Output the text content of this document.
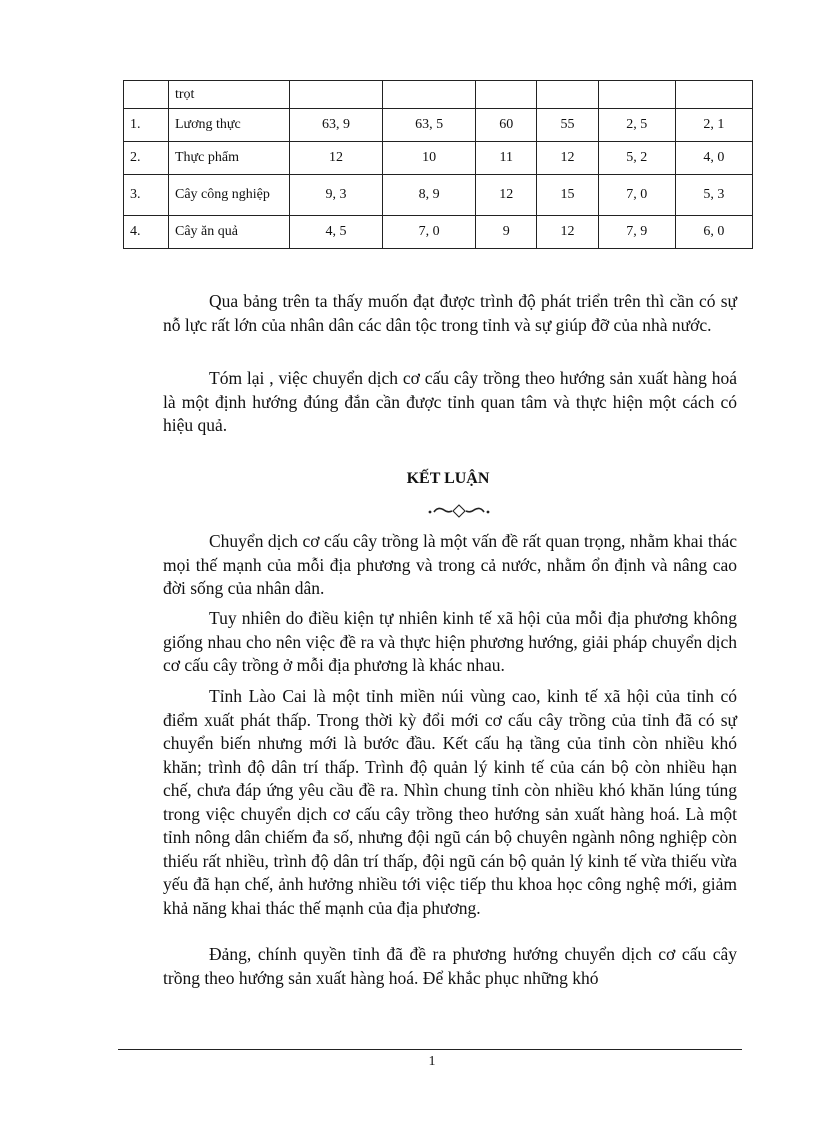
	trọt						
1.	Lương thực	63, 9	63, 5	60	55	2, 5	2, 1
2.	Thực phẩm	12	10	11	12	5, 2	4, 0
3.	Cây công nghiệp	9, 3	8, 9	12	15	7, 0	5, 3
4.	Cây ăn quả	4, 5	7, 0	9	12	7, 9	6, 0

Qua bảng trên ta thấy muốn đạt được trình độ phát triển trên thì cần có sự nỗ lực rất lớn của nhân dân các dân tộc trong tỉnh và sự giúp đỡ của nhà nước.

Tóm lại , việc chuyển dịch cơ cấu cây trồng theo hướng sản xuất hàng hoá là một định hướng đúng đắn cần được tỉnh quan tâm và thực hiện một cách có hiệu quả.

KẾT LUẬN

Chuyển dịch cơ cấu cây trồng là một vấn đề rất quan trọng, nhằm khai thác mọi thế mạnh của mỗi địa phương và trong cả nước, nhằm ổn định và nâng cao đời sống của nhân dân.

Tuy nhiên do điều kiện tự nhiên kinh tế xã hội của mỗi địa phương không giống nhau cho nên việc đề ra và thực hiện phương hướng, giải pháp chuyển dịch cơ cấu cây trồng ở mỗi địa phương là khác nhau.

Tỉnh Lào Cai là một tỉnh miền núi vùng cao, kinh tế xã hội của tỉnh có điểm xuất phát thấp. Trong thời kỳ đổi mới cơ cấu cây trồng của tỉnh đã có sự chuyển biến nhưng mới là bước đầu. Kết cấu hạ tầng của tỉnh còn nhiều khó khăn; trình độ dân trí thấp. Trình độ quản lý kinh tế của cán bộ còn nhiều hạn chế, chưa đáp ứng yêu cầu đề ra. Nhìn chung tỉnh còn nhiều khó khăn lúng túng trong việc chuyển dịch cơ cấu cây trồng theo hướng sản xuất hàng hoá. Là một tỉnh nông dân chiếm đa số, nhưng đội ngũ cán bộ chuyên ngành nông nghiệp còn thiếu rất nhiều, trình độ dân trí thấp, đội ngũ cán bộ quản lý kinh tế vừa thiếu vừa yếu đã hạn chế, ảnh hưởng nhiều tới việc tiếp thu khoa học công nghệ mới, giảm khả năng khai thác thế mạnh của địa phương.

Đảng, chính quyền tỉnh đã đề ra phương hướng chuyển dịch cơ cấu cây trồng theo hướng sản xuất hàng hoá. Để khắc phục những khó

1
